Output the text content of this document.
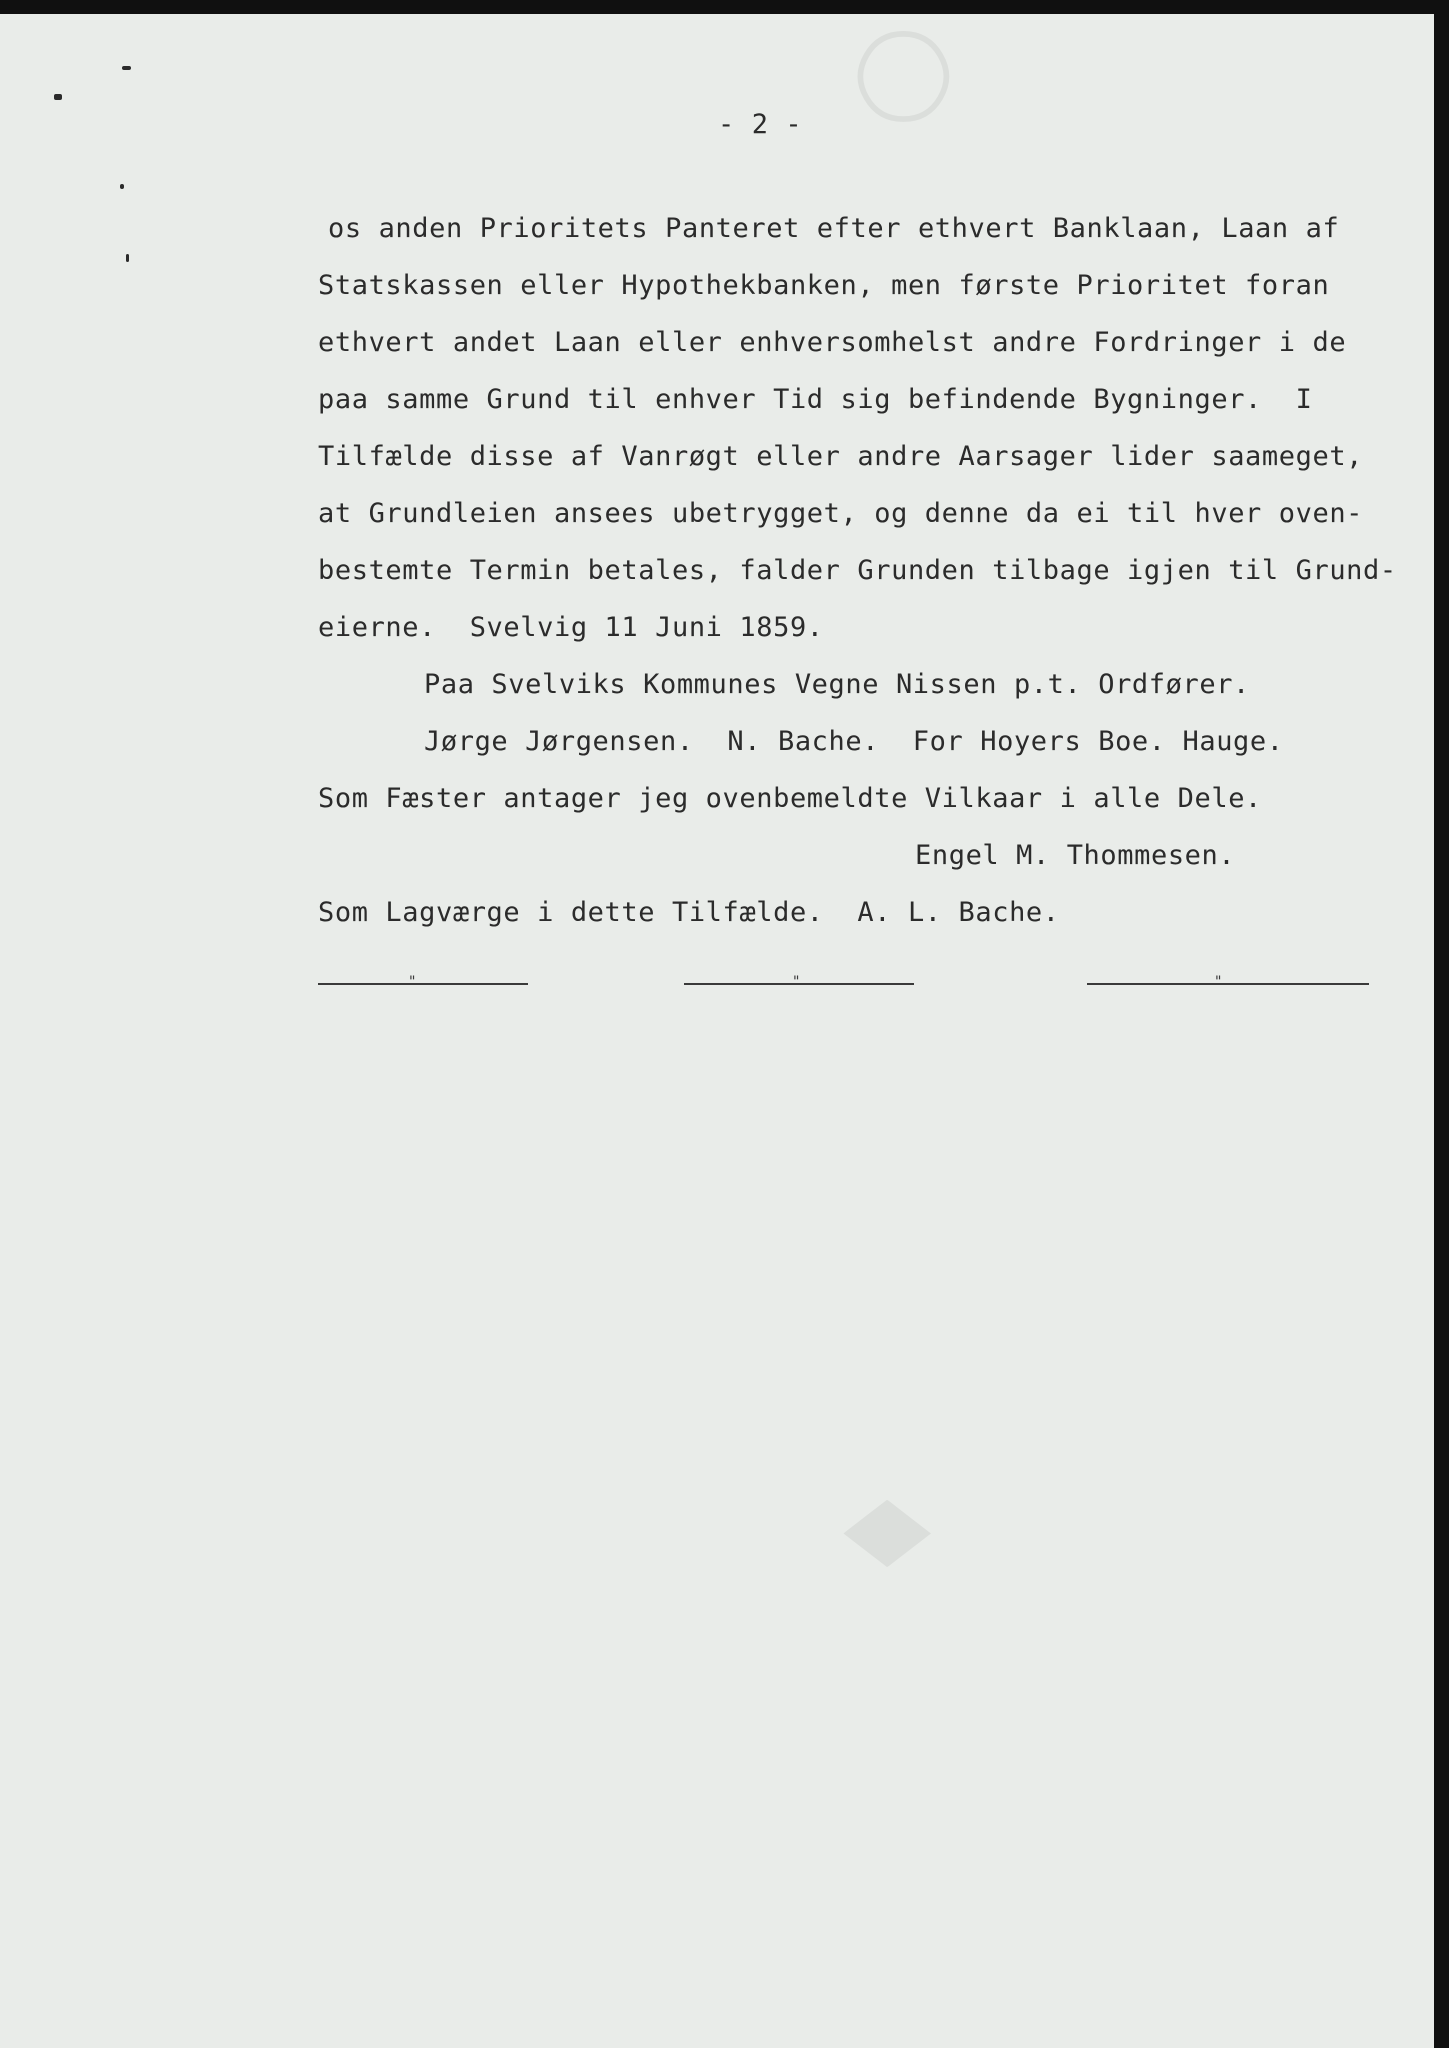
◯
♦
- 2 -
os anden Prioritets Panteret efter ethvert Banklaan, Laan af
Statskassen eller Hypothekbanken, men første Prioritet foran
ethvert andet Laan eller enhversomhelst andre Fordringer i de
paa samme Grund til enhver Tid sig befindende Bygninger.  I
Tilfælde disse af Vanrøgt eller andre Aarsager lider saameget,
at Grundleien ansees ubetrygget, og denne da ei til hver oven-
bestemte Termin betales, falder Grunden tilbage igjen til Grund-
eierne.  Svelvig 11 Juni 1859.
Paa Svelviks Kommunes Vegne Nissen p.t. Ordfører.
Jørge Jørgensen.  N. Bache.  For Hoyers Boe. Hauge.
Som Fæster antager jeg ovenbemeldte Vilkaar i alle Dele.
Engel M. Thommesen.
Som Lagværge i dette Tilfælde.  A. L. Bache.
"	"	"
